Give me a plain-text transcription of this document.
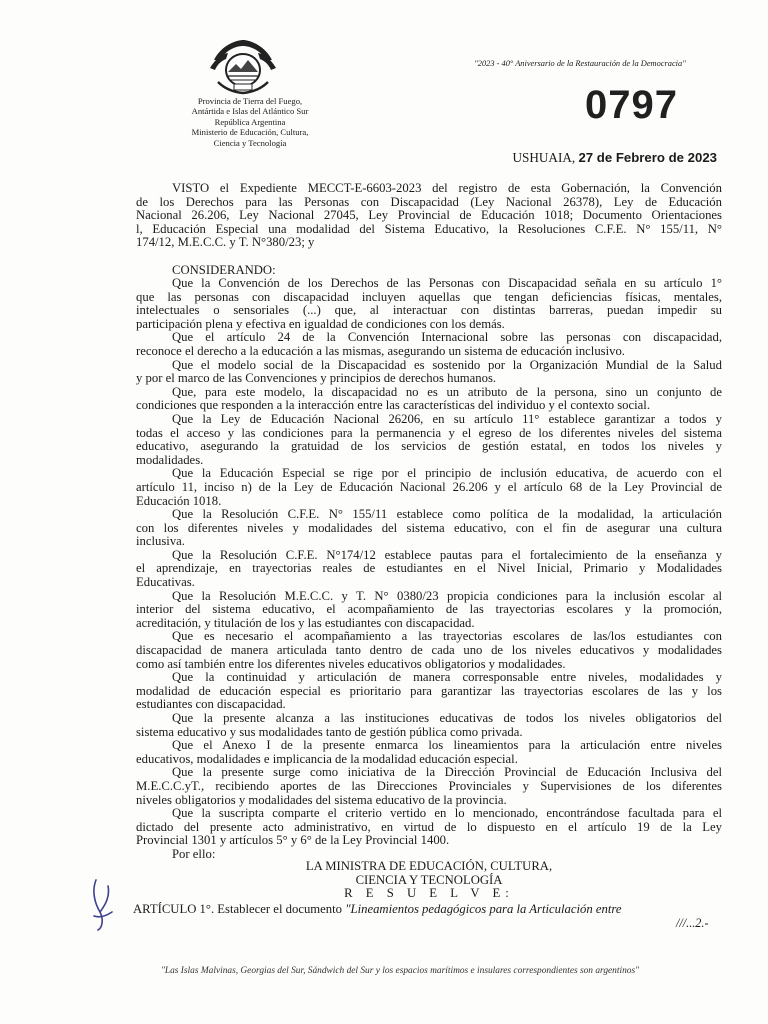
Provincia de Tierra del Fuego,
Antártida e Islas del Atlántico Sur
República Argentina
Ministerio de Educación, Cultura,
Ciencia y Tecnología
"2023 - 40° Aniversario de la Restauración de la Democracia"
0797
USHUAIA, 27 de Febrero de 2023
VISTO el Expediente MECCT-E-6603-2023 del registro de esta Gobernación, la Convención
de los Derechos para las Personas con Discapacidad (Ley Nacional 26378), Ley de Educación
Nacional 26.206, Ley Nacional 27045, Ley Provincial de Educación 1018; Documento Orientaciones
l, Educación Especial una modalidad del Sistema Educativo, la Resoluciones C.F.E. N° 155/11, N°
174/12, M.E.C.C. y T. N°380/23; y
CONSIDERANDO:
Que la Convención de los Derechos de las Personas con Discapacidad señala en su artículo 1°
que las personas con discapacidad incluyen aquellas que tengan deficiencias físicas, mentales,
intelectuales o sensoriales (...) que, al interactuar con distintas barreras, puedan impedir su
participación plena y efectiva en igualdad de condiciones con los demás.
Que el artículo 24 de la Convención Internacional sobre las personas con discapacidad,
reconoce el derecho a la educación a las mismas, asegurando un sistema de educación inclusivo.
Que el modelo social de la Discapacidad es sostenido por la Organización Mundial de la Salud
y por el marco de las Convenciones y principios de derechos humanos.
Que, para este modelo, la discapacidad no es un atributo de la persona, sino un conjunto de
condiciones que responden a la interacción entre las características del individuo y el contexto social.
Que la Ley de Educación Nacional 26206, en su artículo 11° establece garantizar a todos y
todas el acceso y las condiciones para la permanencia y el egreso de los diferentes niveles del sistema
educativo, asegurando la gratuidad de los servicios de gestión estatal, en todos los niveles y
modalidades.
Que la Educación Especial se rige por el principio de inclusión educativa, de acuerdo con el
artículo 11, inciso n) de la Ley de Educación Nacional 26.206 y el artículo 68 de la Ley Provincial de
Educación 1018.
Que la Resolución C.F.E. N° 155/11 establece como política de la modalidad, la articulación
con los diferentes niveles y modalidades del sistema educativo, con el fin de asegurar una cultura
inclusiva.
Que la Resolución C.F.E. N°174/12 establece pautas para el fortalecimiento de la enseñanza y
el aprendizaje, en trayectorias reales de estudiantes en el Nivel Inicial, Primario y Modalidades
Educativas.
Que la Resolución M.E.C.C. y T. N° 0380/23 propicia condiciones para la inclusión escolar al
interior del sistema educativo, el acompañamiento de las trayectorias escolares y la promoción,
acreditación, y titulación de los y las estudiantes con discapacidad.
Que es necesario el acompañamiento a las trayectorias escolares de las/los estudiantes con
discapacidad de manera articulada tanto dentro de cada uno de los niveles educativos y modalidades
como así también entre los diferentes niveles educativos obligatorios y modalidades.
Que la continuidad y articulación de manera corresponsable entre niveles, modalidades y
modalidad de educación especial es prioritario para garantizar las trayectorias escolares de las y los
estudiantes con discapacidad.
Que la presente alcanza a las instituciones educativas de todos los niveles obligatorios del
sistema educativo y sus modalidades tanto de gestión pública como privada.
Que el Anexo I de la presente enmarca los lineamientos para la articulación entre niveles
educativos, modalidades e implicancia de la modalidad educación especial.
Que la presente surge como iniciativa de la Dirección Provincial de Educación Inclusiva del
M.E.C.C.yT., recibiendo aportes de las Direcciones Provinciales y Supervisiones de los diferentes
niveles obligatorios y modalidades del sistema educativo de la provincia.
Que la suscripta comparte el criterio vertido en lo mencionado, encontrándose facultada para el
dictado del presente acto administrativo, en virtud de lo dispuesto en el artículo 19 de la Ley
Provincial 1301 y artículos 5° y 6° de la Ley Provincial 1400.
Por ello:
LA MINISTRA DE EDUCACIÓN, CULTURA,
CIENCIA Y TECNOLOGÍA
R E S U E L V E:
ARTÍCULO 1°. Establecer el documento "Lineamientos pedagógicos para la Articulación entre
///...2.-
"Las Islas Malvinas, Georgias del Sur, Sándwich del Sur y los espacios marítimos e insulares correspondientes son argentinos"
